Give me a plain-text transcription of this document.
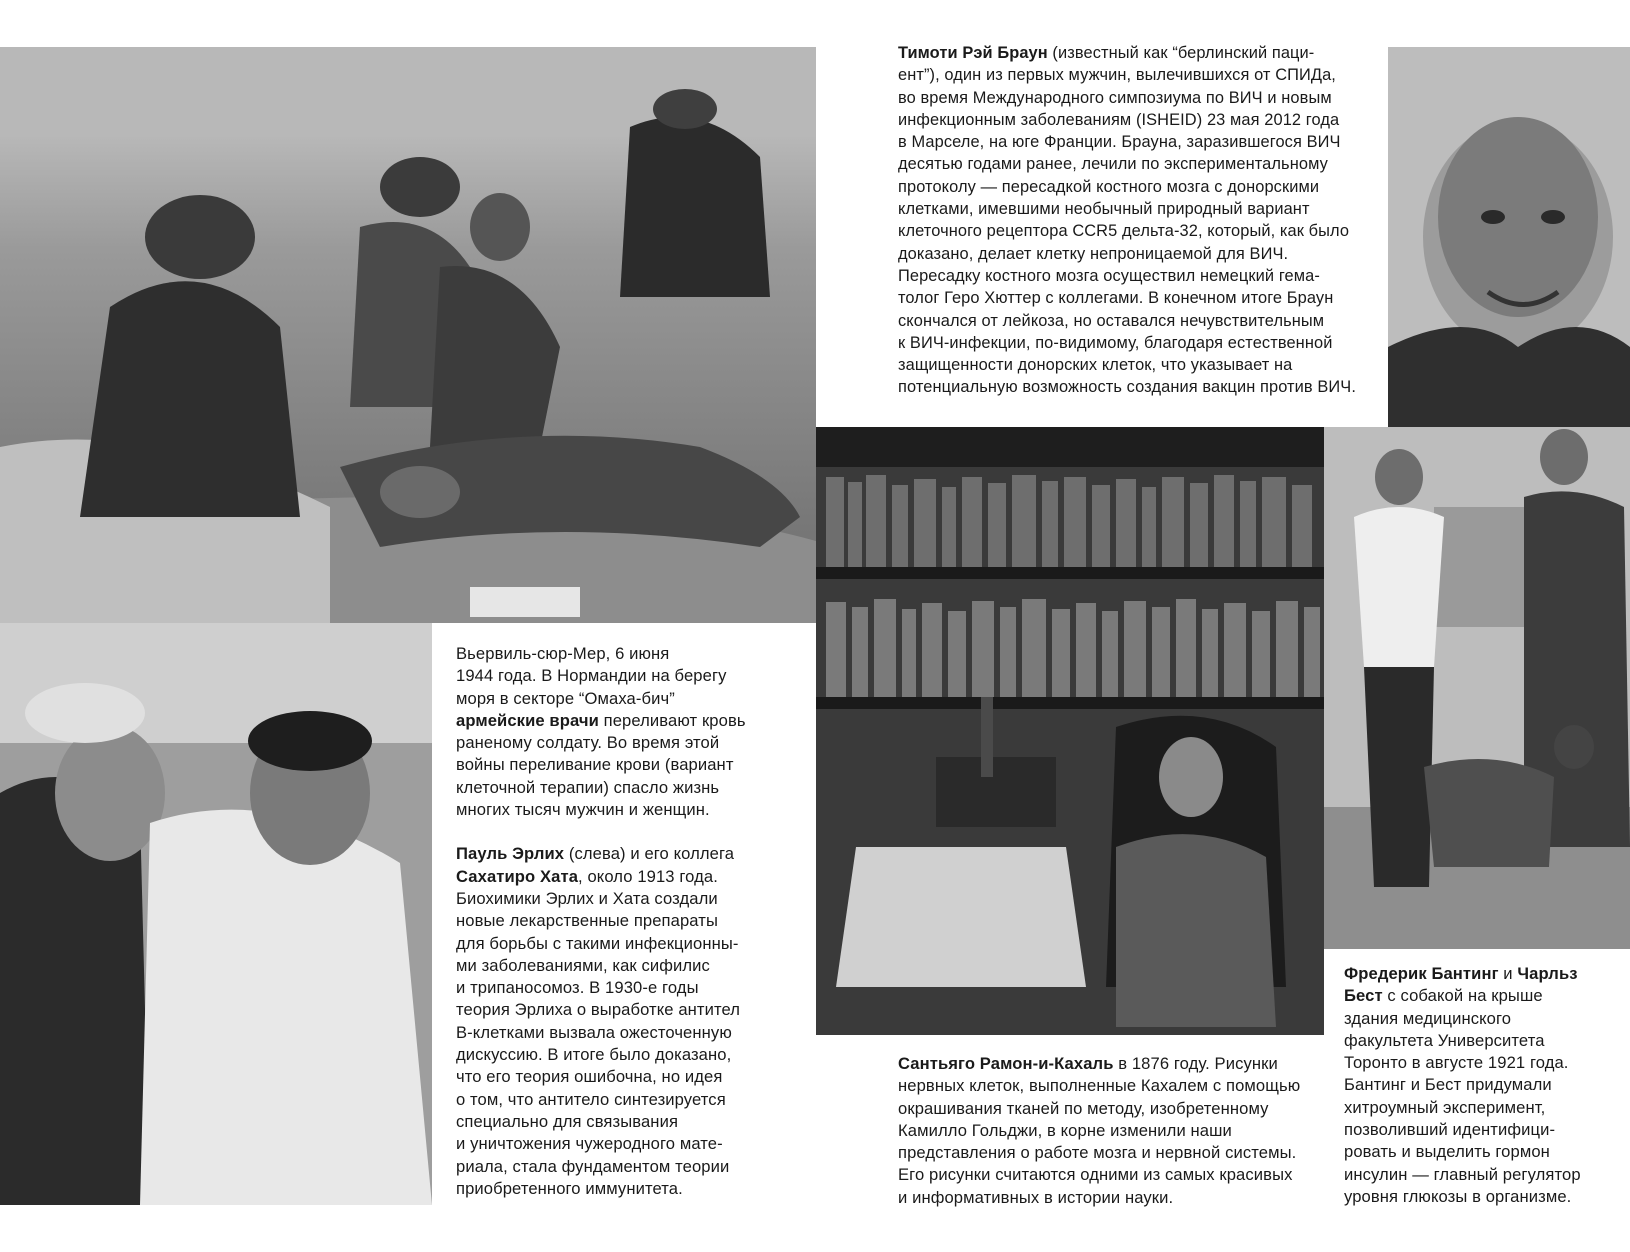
Тимоти Рэй Браун (известный как “берлинский паци-
ент”), один из первых мужчин, вылечившихся от СПИДа,
во время Международного симпозиума по ВИЧ и новым
инфекционным заболеваниям (ISHEID) 23 мая 2012 года
в Марселе, на юге Франции. Брауна, заразившегося ВИЧ
десятью годами ранее, лечили по экспериментальному
протоколу — пересадкой костного мозга с донорскими
клетками, имевшими необычный природный вариант
клеточного рецептора CCR5 дельта-32, который, как было
доказано, делает клетку непроницаемой для ВИЧ.
Пересадку костного мозга осуществил немецкий гема-
толог Геро Хюттер с коллегами. В конечном итоге Браун
скончался от лейкоза, но оставался нечувствительным
к ВИЧ-инфекции, по-видимому, благодаря естественной
защищенности донорских клеток, что указывает на
потенциальную возможность создания вакцин против ВИЧ.

Вьервиль-сюр-Мер, 6 июня
1944 года. В Нормандии на берегу
моря в секторе “Омаха-бич”
армейские врачи переливают кровь
раненому солдату. Во время этой
войны переливание крови (вариант
клеточной терапии) спасло жизнь
многих тысяч мужчин и женщин.

Пауль Эрлих (слева) и его коллега
Сахатиро Хата, около 1913 года.
Биохимики Эрлих и Хата создали
новые лекарственные препараты
для борьбы с такими инфекционны-
ми заболеваниями, как сифилис
и трипаносомоз. В 1930-е годы
теория Эрлиха о выработке антител
B-клетками вызвала ожесточенную
дискуссию. В итоге было доказано,
что его теория ошибочна, но идея
о том, что антитело синтезируется
специально для связывания
и уничтожения чужеродного мате-
риала, стала фундаментом теории
приобретенного иммунитета.

Сантьяго Рамон-и-Кахаль в 1876 году. Рисунки
нервных клеток, выполненные Кахалем с помощью
окрашивания тканей по методу, изобретенному
Камилло Гольджи, в корне изменили наши
представления о работе мозга и нервной системы.
Его рисунки считаются одними из самых красивых
и информативных в истории науки.
Фредерик Бантинг и Чарльз
Бест с собакой на крыше
здания медицинского
факультета Университета
Торонто в августе 1921 года.
Бантинг и Бест придумали
хитроумный эксперимент,
позволивший идентифици-
ровать и выделить гормон
инсулин — главный регулятор
уровня глюкозы в организме.
